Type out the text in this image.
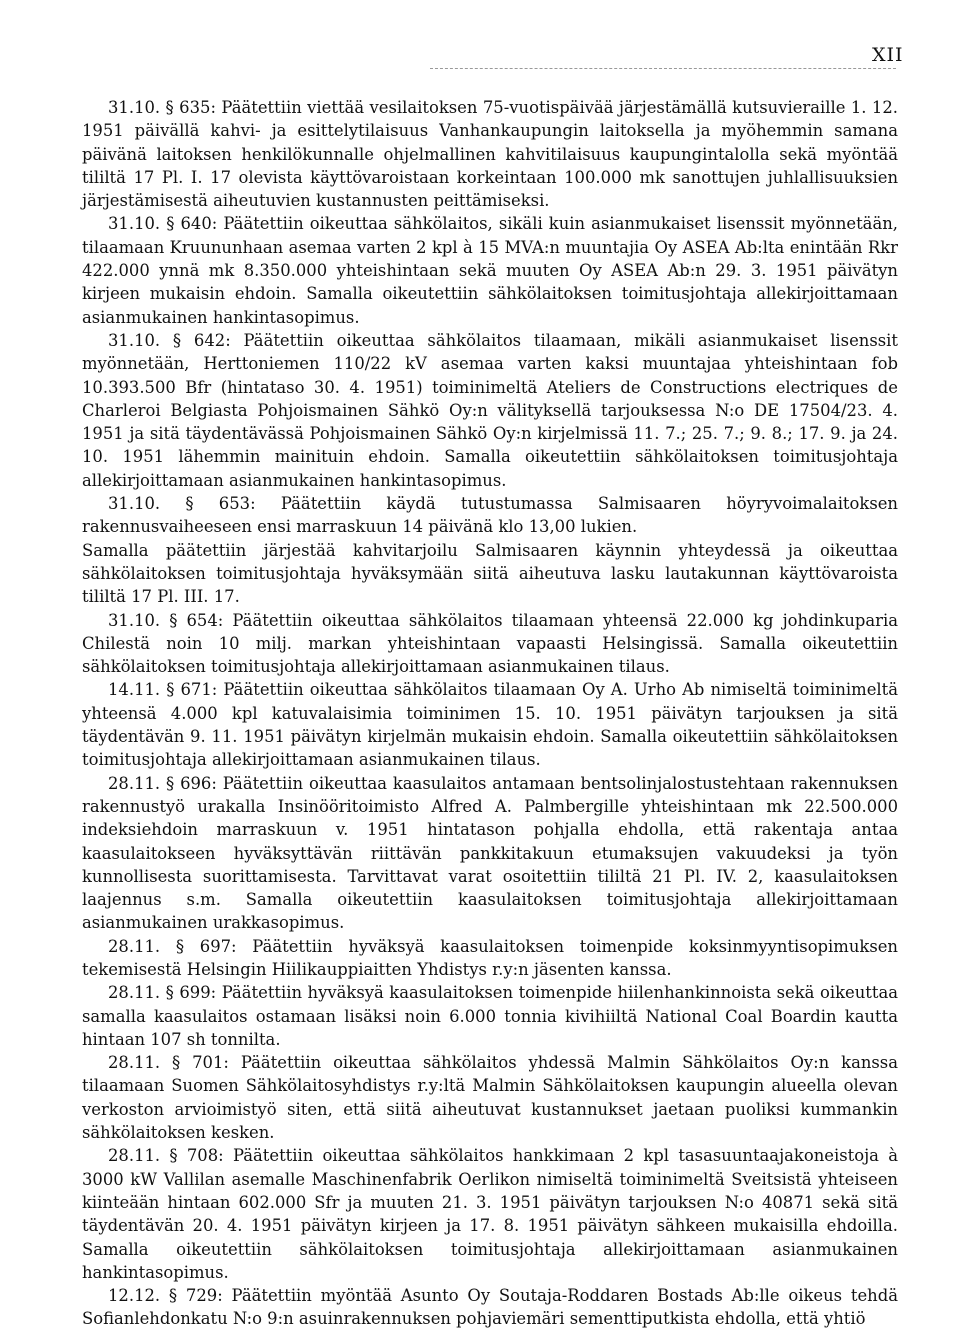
XII

31.10. § 635: Päätettiin viettää vesilaitoksen 75-vuotispäivää järjestämällä kutsuvieraille 1. 12. 1951 päivällä kahvi- ja esittelytilaisuus Vanhankaupungin laitoksella ja myöhemmin samana päivänä laitoksen henkilökunnalle ohjelmallinen kahvitilaisuus kaupungintalolla sekä myöntää tililtä 17 Pl. I. 17 olevista käyttövaroistaan korkeintaan 100.000 mk sanottujen juhlallisuuksien järjestämisestä aiheutuvien kustannusten peittämiseksi.

31.10. § 640: Päätettiin oikeuttaa sähkölaitos, sikäli kuin asianmukaiset lisenssit myönnetään, tilaamaan Kruununhaan asemaa varten 2 kpl à 15 MVA:n muuntajia Oy ASEA Ab:lta enintään Rkr 422.000 ynnä mk 8.350.000 yhteishintaan sekä muuten Oy ASEA Ab:n 29. 3. 1951 päivätyn kirjeen mukaisin ehdoin. Samalla oikeutettiin sähkölaitoksen toimitusjohtaja allekirjoittamaan asianmukainen hankintasopimus.

31.10. § 642: Päätettiin oikeuttaa sähkölaitos tilaamaan, mikäli asianmukaiset lisenssit myönnetään, Herttoniemen 110/22 kV asemaa varten kaksi muuntajaa yhteishintaan fob 10.393.500 Bfr (hintataso 30. 4. 1951) toiminimeltä Ateliers de Constructions electriques de Charleroi Belgiasta Pohjoismainen Sähkö Oy:n välityksellä tarjouksessa N:o DE 17504/23. 4. 1951 ja sitä täydentävässä Pohjoismainen Sähkö Oy:n kirjelmissä 11. 7.; 25. 7.; 9. 8.; 17. 9. ja 24. 10. 1951 lähemmin mainituin ehdoin. Samalla oikeutettiin sähkölaitoksen toimitusjohtaja allekirjoittamaan asianmukainen hankintasopimus.

31.10. § 653: Päätettiin käydä tutustumassa Salmisaaren höyryvoimalaitoksen rakennusvaiheeseen ensi marraskuun 14 päivänä klo 13,00 lukien.

Samalla päätettiin järjestää kahvitarjoilu Salmisaaren käynnin yhteydessä ja oikeuttaa sähkölaitoksen toimitusjohtaja hyväksymään siitä aiheutuva lasku lautakunnan käyttövaroista tililtä 17 Pl. III. 17.

31.10. § 654: Päätettiin oikeuttaa sähkölaitos tilaamaan yhteensä 22.000 kg johdinkuparia Chilestä noin 10 milj. markan yhteishintaan vapaasti Helsingissä. Samalla oikeutettiin sähkölaitoksen toimitusjohtaja allekirjoittamaan asianmukainen tilaus.

14.11. § 671: Päätettiin oikeuttaa sähkölaitos tilaamaan Oy A. Urho Ab nimiseltä toiminimeltä yhteensä 4.000 kpl katuvalaisimia toiminimen 15. 10. 1951 päivätyn tarjouksen ja sitä täydentävän 9. 11. 1951 päivätyn kirjelmän mukaisin ehdoin. Samalla oikeutettiin sähkölaitoksen toimitusjohtaja allekirjoittamaan asianmukainen tilaus.

28.11. § 696: Päätettiin oikeuttaa kaasulaitos antamaan bentsolinjalostustehtaan rakennuksen rakennustyö urakalla Insinööritoimisto Alfred A. Palmbergille yhteishintaan mk 22.500.000 indeksiehdoin marraskuun v. 1951 hintatason pohjalla ehdolla, että rakentaja antaa kaasulaitokseen hyväksyttävän riittävän pankkitakuun etumaksujen vakuudeksi ja työn kunnollisesta suorittamisesta. Tarvittavat varat osoitettiin tililtä 21 Pl. IV. 2, kaasulaitoksen laajennus s.m. Samalla oikeutettiin kaasulaitoksen toimitusjohtaja allekirjoittamaan asianmukainen urakkasopimus.

28.11. § 697: Päätettiin hyväksyä kaasulaitoksen toimenpide koksinmyyntisopimuksen tekemisestä Helsingin Hiilikauppiaitten Yhdistys r.y:n jäsenten kanssa.

28.11. § 699: Päätettiin hyväksyä kaasulaitoksen toimenpide hiilenhankinnoista sekä oikeuttaa samalla kaasulaitos ostamaan lisäksi noin 6.000 tonnia kivihiiltä National Coal Boardin kautta hintaan 107 sh tonnilta.

28.11. § 701: Päätettiin oikeuttaa sähkölaitos yhdessä Malmin Sähkölaitos Oy:n kanssa tilaamaan Suomen Sähkölaitosyhdistys r.y:ltä Malmin Sähkölaitoksen kaupungin alueella olevan verkoston arvioimistyö siten, että siitä aiheutuvat kustannukset jaetaan puoliksi kummankin sähkölaitoksen kesken.

28.11. § 708: Päätettiin oikeuttaa sähkölaitos hankkimaan 2 kpl tasasuuntaajakoneistoja à 3000 kW Vallilan asemalle Maschinenfabrik Oerlikon nimiseltä toiminimeltä Sveitsistä yhteiseen kiinteään hintaan 602.000 Sfr ja muuten 21. 3. 1951 päivätyn tarjouksen N:o 40871 sekä sitä täydentävän 20. 4. 1951 päivätyn kirjeen ja 17. 8. 1951 päivätyn sähkeen mukaisilla ehdoilla. Samalla oikeutettiin sähkölaitoksen toimitusjohtaja allekirjoittamaan asianmukainen hankintasopimus.

12.12. § 729: Päätettiin myöntää Asunto Oy Soutaja-Roddaren Bostads Ab:lle oikeus tehdä Sofianlehdonkatu N:o 9:n asuinrakennuksen pohjaviemäri sementtiputkista ehdolla, että yhtiö
